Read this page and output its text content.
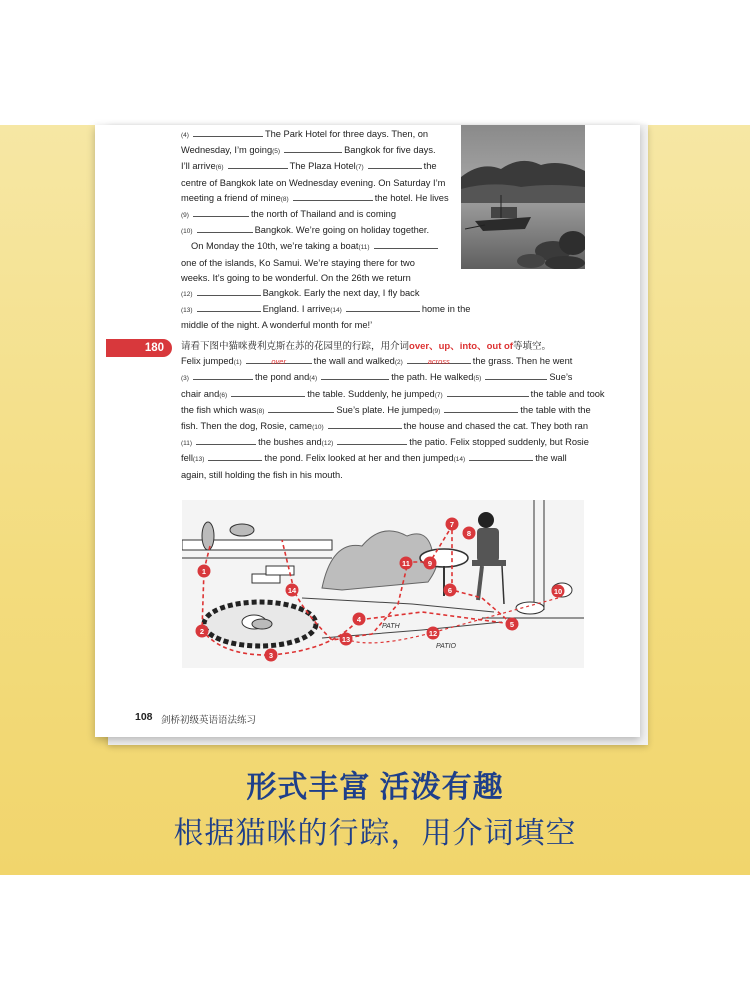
(4)	The Park Hotel for three days. Then, on
Wednesday, I’m going(5)	Bangkok for five days.
I’ll arrive(6)	The Plaza Hotel(7)	the
centre of Bangkok late on Wednesday evening. On Saturday I’m
meeting a friend of mine(8)	the hotel. He lives
(9)	the north of Thailand and is coming
(10)	Bangkok. We’re going on holiday together.
On Monday the 10th, we’re taking a boat(11)
one of the islands, Ko Samui. We’re staying there for two
weeks. It’s going to be wonderful. On the 26th we return
(12)	Bangkok. Early the next day, I fly back
(13)	England. I arrive(14)	home in the
middle of the night. A wonderful month for me!’
180	请看下图中猫咪费利克斯在苏的花园里的行踪，用介词over、up、into、out of等填空。
Felix jumped(1)	over	the wall and walked(2)	across the grass. Then he went
(3)	the pond and(4)	the path. He walked(5)	Sue’s
chair and(6)	the table. Suddenly, he jumped(7)	the table and took
the fish which was(8)	Sue’s plate. He jumped(9)	the table with the
fish. Then the dog, Rosie, came(10)	the house and chased the cat. They both ran
(11)	the bushes and(12)	the patio. Felix stopped suddenly, but Rosie
fell(13)	the pond. Felix looked at her and then jumped(14)	the wall
again, still holding the fish in his mouth.
PATH
PATIO
1
2
3
4
5
6
7
8
9
10
11
12
13
14
108 剑桥初级英语语法练习
形式丰富 活泼有趣
根据猫咪的行踪，用介词填空
